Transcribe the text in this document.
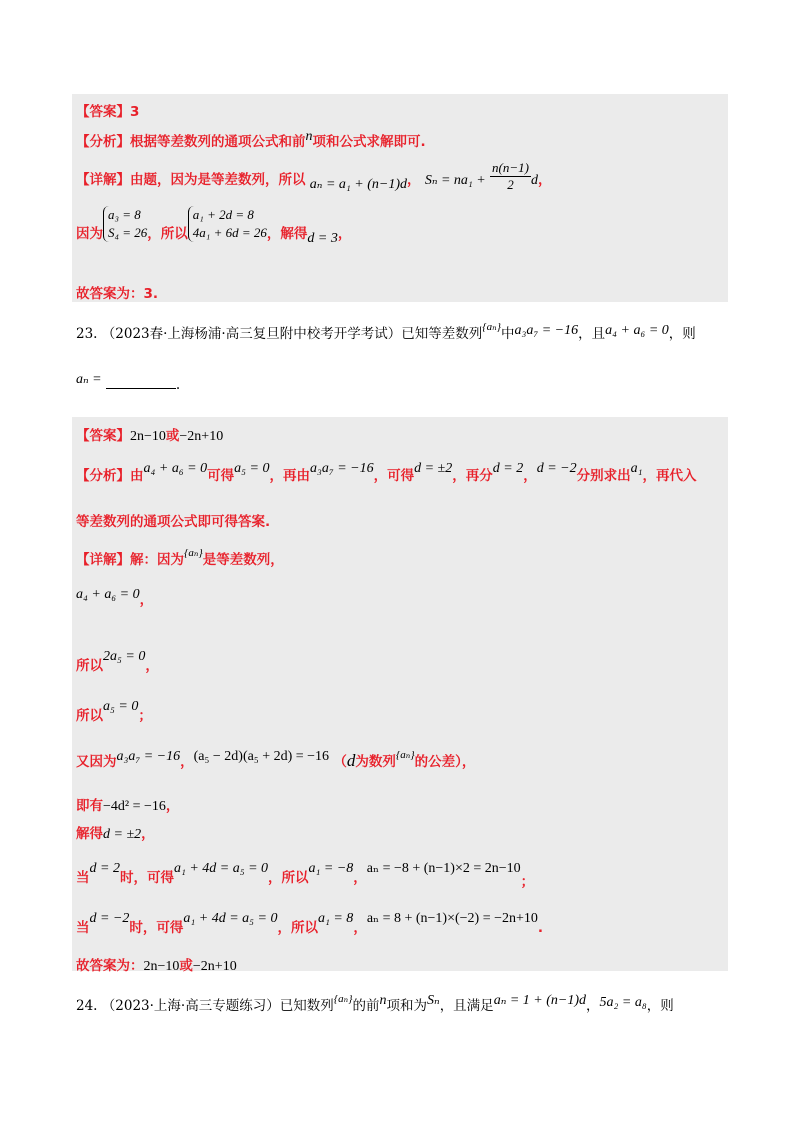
【答案】3
【分析】根据等差数列的通项公式和前n项和公式求解即可.
【详解】由题，因为是等差数列，所以 aₙ = a₁ + (n−1)d， $S_n = na_1 + \frac{n(n-1)}{2}$ d，
因为
a₃ = 8
S₄ = 26 ，所以
a₁ + 2d = 8
4a₁ + 6d = 26 ，解得d = 3，
故答案为：3.
23. （2023春·上海杨浦·高三复旦附中校考开学考试）已知等差数列$^{\{a_n\}}$中a₃a₇ = −16，且a₄ + a₆ = 0，则
aₙ =	.
【答案】2n−10或−2n+10
【分析】由a₄ + a₆ = 0可得a₅ = 0，再由a₃a₇ = −16，可得d = ±2，再分d = 2，d = −2分别求出a₁，再代入
等差数列的通项公式即可得答案.
【详解】解：因为$^{\{a_n\}}$是等差数列，
a₄ + a₆ = 0，
所以2a₅ = 0，
所以a₅ = 0；
又因为a₃a₇ = −16，(a₅ − 2d)(a₅ + 2d) = −16 （d为数列$^{\{a_n\}}$的公差），
即有−4d² = −16，
解得d = ±2，
当d = 2时，可得a₁ + 4d = a₅ = 0，所以a₁ = −8，aₙ = −8 + (n−1)×2 = 2n−10；
当d = −2时，可得a₁ + 4d = a₅ = 0，所以a₁ = 8，aₙ = 8 + (n−1)×(−2) = −2n+10.
故答案为：2n−10或−2n+10
24. （2023·上海·高三专题练习）已知数列$^{\{a_n\}}$的前n项和为Sₙ，且满足aₙ = 1 + (n−1)d，5a₂ = a₈，则
